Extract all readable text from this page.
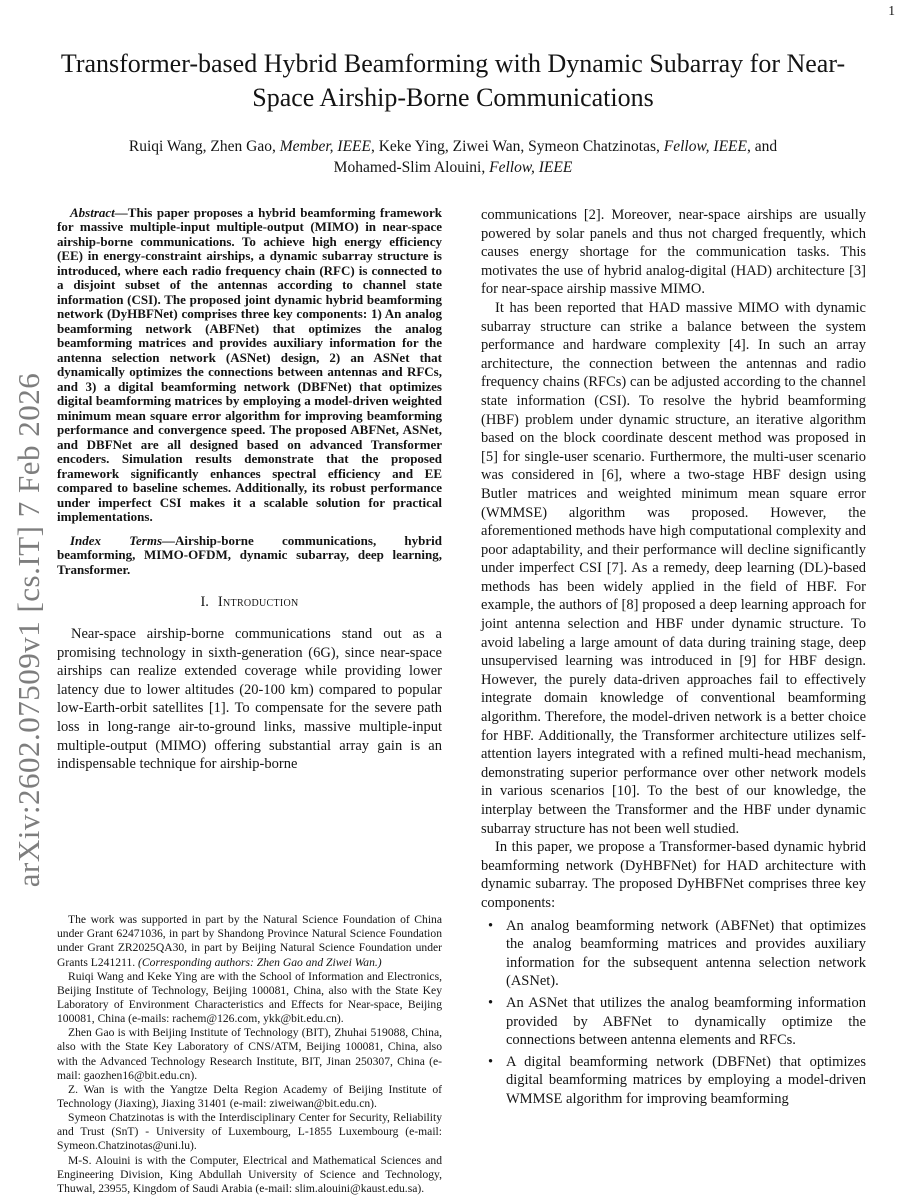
1
arXiv:2602.07509v1 [cs.IT] 7 Feb 2026
Transformer-based Hybrid Beamforming with Dynamic Subarray for Near-Space Airship-Borne Communications

Ruiqi Wang, Zhen Gao, Member, IEEE, Keke Ying, Ziwei Wan, Symeon Chatzinotas, Fellow, IEEE, and

Mohamed-Slim Alouini, Fellow, IEEE

Abstract—This paper proposes a hybrid beamforming framework for massive multiple-input multiple-output (MIMO) in near-space airship-borne communications. To achieve high energy efficiency (EE) in energy-constraint airships, a dynamic subarray structure is introduced, where each radio frequency chain (RFC) is connected to a disjoint subset of the antennas according to channel state information (CSI). The proposed joint dynamic hybrid beamforming network (DyHBFNet) comprises three key components: 1) An analog beamforming network (ABFNet) that optimizes the analog beamforming matrices and provides auxiliary information for the antenna selection network (ASNet) design, 2) an ASNet that dynamically optimizes the connections between antennas and RFCs, and 3) a digital beamforming network (DBFNet) that optimizes digital beamforming matrices by employing a model-driven weighted minimum mean square error algorithm for improving beamforming performance and convergence speed. The proposed ABFNet, ASNet, and DBFNet are all designed based on advanced Transformer encoders. Simulation results demonstrate that the proposed framework significantly enhances spectral efficiency and EE compared to baseline schemes. Additionally, its robust performance under imperfect CSI makes it a scalable solution for practical implementations.

Index Terms—Airship-borne communications, hybrid beamforming, MIMO-OFDM, dynamic subarray, deep learning, Transformer.

I. Introduction

Near-space airship-borne communications stand out as a promising technology in sixth-generation (6G), since near-space airships can realize extended coverage while providing lower latency due to lower altitudes (20-100 km) compared to popular low-Earth-orbit satellites [1]. To compensate for the severe path loss in long-range air-to-ground links, massive multiple-input multiple-output (MIMO) offering substantial array gain is an indispensable technique for airship-borne

The work was supported in part by the Natural Science Foundation of China under Grant 62471036, in part by Shandong Province Natural Science Foundation under Grant ZR2025QA30, in part by Beijing Natural Science Foundation under Grants L241211. (Corresponding authors: Zhen Gao and Ziwei Wan.)

Ruiqi Wang and Keke Ying are with the School of Information and Electronics, Beijing Institute of Technology, Beijing 100081, China, also with the State Key Laboratory of Environment Characteristics and Effects for Near-space, Beijing 100081, China (e-mails: rachem@126.com, ykk@bit.edu.cn).

Zhen Gao is with Beijing Institute of Technology (BIT), Zhuhai 519088, China, also with the State Key Laboratory of CNS/ATM, Beijing 100081, China, also with the Advanced Technology Research Institute, BIT, Jinan 250307, China (e-mail: gaozhen16@bit.edu.cn).

Z. Wan is with the Yangtze Delta Region Academy of Beijing Institute of Technology (Jiaxing), Jiaxing 31401 (e-mail: ziweiwan@bit.edu.cn).

Symeon Chatzinotas is with the Interdisciplinary Center for Security, Reliability and Trust (SnT) - University of Luxembourg, L-1855 Luxembourg (e-mail: Symeon.Chatzinotas@uni.lu).

M-S. Alouini is with the Computer, Electrical and Mathematical Sciences and Engineering Division, King Abdullah University of Science and Technology, Thuwal, 23955, Kingdom of Saudi Arabia (e-mail: slim.alouini@kaust.edu.sa).

communications [2]. Moreover, near-space airships are usually powered by solar panels and thus not charged frequently, which causes energy shortage for the communication tasks. This motivates the use of hybrid analog-digital (HAD) architecture [3] for near-space airship massive MIMO.

It has been reported that HAD massive MIMO with dynamic subarray structure can strike a balance between the system performance and hardware complexity [4]. In such an array architecture, the connection between the antennas and radio frequency chains (RFCs) can be adjusted according to the channel state information (CSI). To resolve the hybrid beamforming (HBF) problem under dynamic structure, an iterative algorithm based on the block coordinate descent method was proposed in [5] for single-user scenario. Furthermore, the multi-user scenario was considered in [6], where a two-stage HBF design using Butler matrices and weighted minimum mean square error (WMMSE) algorithm was proposed. However, the aforementioned methods have high computational complexity and poor adaptability, and their performance will decline significantly under imperfect CSI [7]. As a remedy, deep learning (DL)-based methods has been widely applied in the field of HBF. For example, the authors of [8] proposed a deep learning approach for joint antenna selection and HBF under dynamic structure. To avoid labeling a large amount of data during training stage, deep unsupervised learning was introduced in [9] for HBF design. However, the purely data-driven approaches fail to effectively integrate domain knowledge of conventional beamforming algorithm. Therefore, the model-driven network is a better choice for HBF. Additionally, the Transformer architecture utilizes self-attention layers integrated with a refined multi-head mechanism, demonstrating superior performance over other network models in various scenarios [10]. To the best of our knowledge, the interplay between the Transformer and the HBF under dynamic subarray structure has not been well studied.

In this paper, we propose a Transformer-based dynamic hybrid beamforming network (DyHBFNet) for HAD architecture with dynamic subarray. The proposed DyHBFNet comprises three key components:

• An analog beamforming network (ABFNet) that optimizes the analog beamforming matrices and provides auxiliary information for the subsequent antenna selection network (ASNet).
• An ASNet that utilizes the analog beamforming information provided by ABFNet to dynamically optimize the connections between antenna elements and RFCs.
• A digital beamforming network (DBFNet) that optimizes digital beamforming matrices by employing a model-driven WMMSE algorithm for improving beamforming
